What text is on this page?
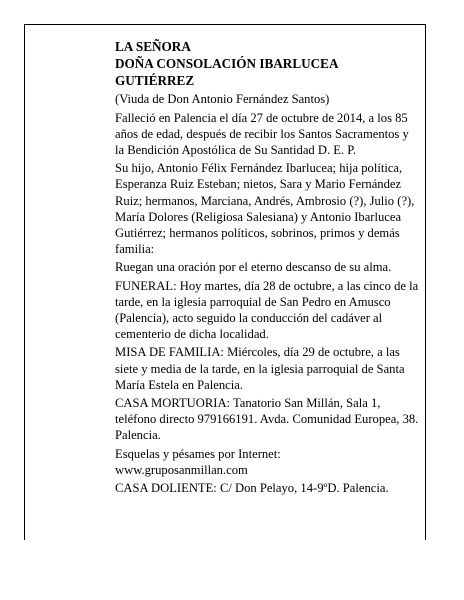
LA SEÑORA
DOÑA CONSOLACIÓN IBARLUCEA GUTIÉRREZ

(Viuda de Don Antonio Fernández Santos)

Falleció en Palencia el día 27 de octubre de 2014, a los 85 años de edad, después de recibir los Santos Sacramentos y la Bendición Apostólica de Su Santidad D. E. P.

Su hijo, Antonio Félix Fernández Ibarlucea; hija política, Esperanza Ruiz Esteban; nietos, Sara y Mario Fernández Ruiz; hermanos, Marciana, Andrés, Ambrosio (?), Julio (?), María Dolores (Religiosa Salesiana) y Antonio Ibarlucea Gutiérrez; hermanos políticos, sobrinos, primos y demás familia:

Ruegan una oración por el eterno descanso de su alma.

FUNERAL: Hoy martes, día 28 de octubre, a las cinco de la tarde, en la iglesia parroquial de San Pedro en Amusco (Palencia), acto seguido la conducción del cadáver al cementerio de dicha localidad.

MISA DE FAMILIA: Miércoles, día 29 de octubre, a las siete y media de la tarde, en la iglesia parroquial de Santa María Estela en Palencia.

CASA MORTUORIA: Tanatorio San Millán, Sala 1, teléfono directo 979166191. Avda. Comunidad Europea, 38. Palencia.

Esquelas y pésames por Internet:
www.gruposanmillan.com

CASA DOLIENTE: C/ Don Pelayo, 14-9ºD. Palencia.
